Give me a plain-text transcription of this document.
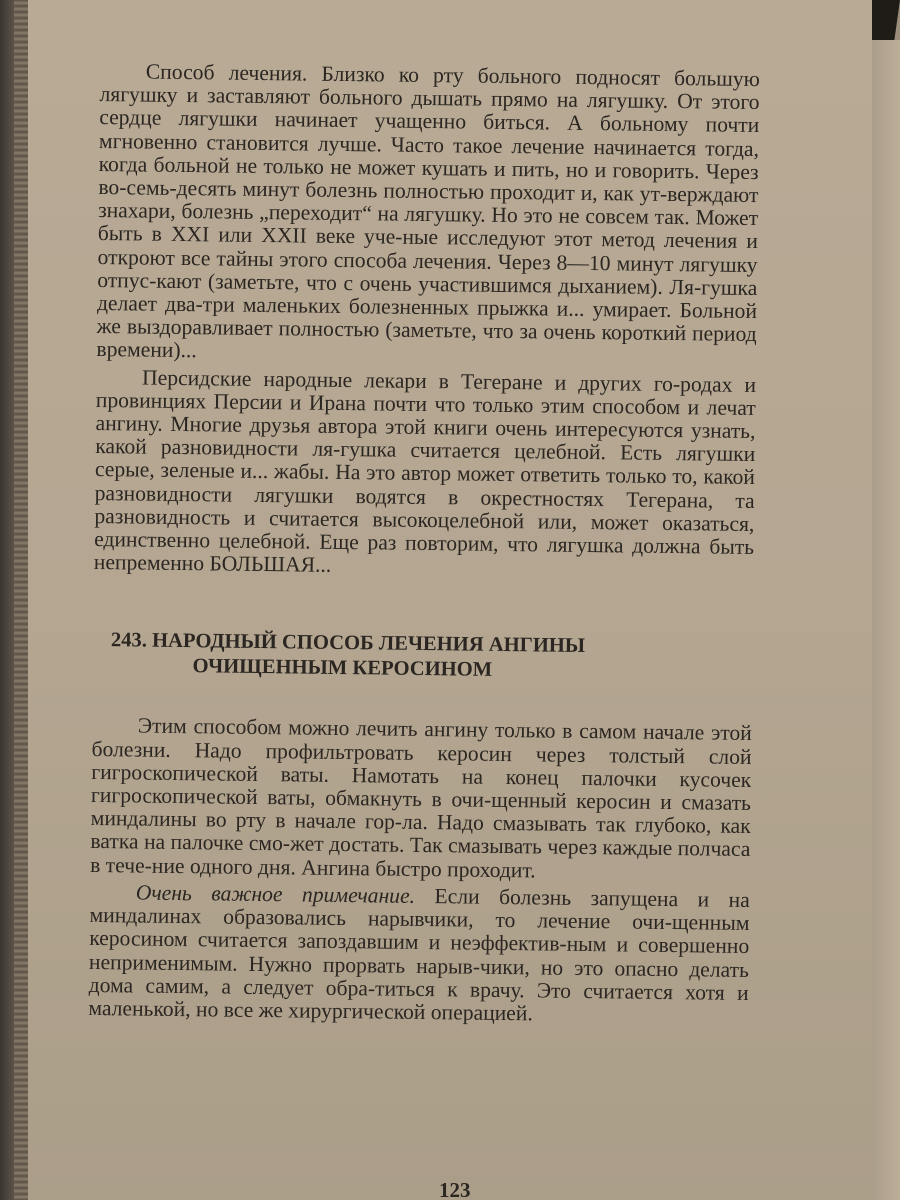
Способ лечения. Близко ко рту больного подносят большую лягушку и заставляют больного дышать прямо на лягушку. От этого сердце лягушки начинает учащенно биться. А больному почти мгновенно становится лучше. Часто такое лечение начинается тогда, когда больной не только не может кушать и пить, но и говорить. Через во-семь-десять минут болезнь полностью проходит и, как ут-верждают знахари, болезнь „переходит“ на лягушку. Но это не совсем так. Может быть в XXI или XXII веке уче-ные исследуют этот метод лечения и откроют все тайны этого способа лечения. Через 8—10 минут лягушку отпус-кают (заметьте, что с очень участившимся дыханием). Ля-гушка делает два-три маленьких болезненных прыжка и... умирает. Больной же выздоравливает полностью (заметьте, что за очень короткий период времени)...

Персидские народные лекари в Тегеране и других го-родах и провинциях Персии и Ирана почти что только этим способом и лечат ангину. Многие друзья автора этой книги очень интересуются узнать, какой разновидности ля-гушка считается целебной. Есть лягушки серые, зеленые и... жабы. На это автор может ответить только то, какой разновидности лягушки водятся в окрестностях Тегерана, та разновидность и считается высокоцелебной или, может оказаться, единственно целебной. Еще раз повторим, что лягушка должна быть непременно БОЛЬШАЯ...

243. НАРОДНЫЙ СПОСОБ ЛЕЧЕНИЯ АНГИНЫ
ОЧИЩЕННЫМ КЕРОСИНОМ

Этим способом можно лечить ангину только в самом начале этой болезни. Надо профильтровать керосин через толстый слой гигроскопической ваты. Намотать на конец палочки кусочек гигроскопической ваты, обмакнуть в очи-щенный керосин и смазать миндалины во рту в начале гор-ла. Надо смазывать так глубоко, как ватка на палочке смо-жет достать. Так смазывать через каждые полчаса в тече-ние одного дня. Ангина быстро проходит.

Очень важное примечание. Если болезнь запущена и на миндалинах образовались нарывчики, то лечение очи-щенным керосином считается запоздавшим и неэффектив-ным и совершенно неприменимым. Нужно прорвать нарыв-чики, но это опасно делать дома самим, а следует обра-титься к врачу. Это считается хотя и маленькой, но все же хирургической операцией.

123
